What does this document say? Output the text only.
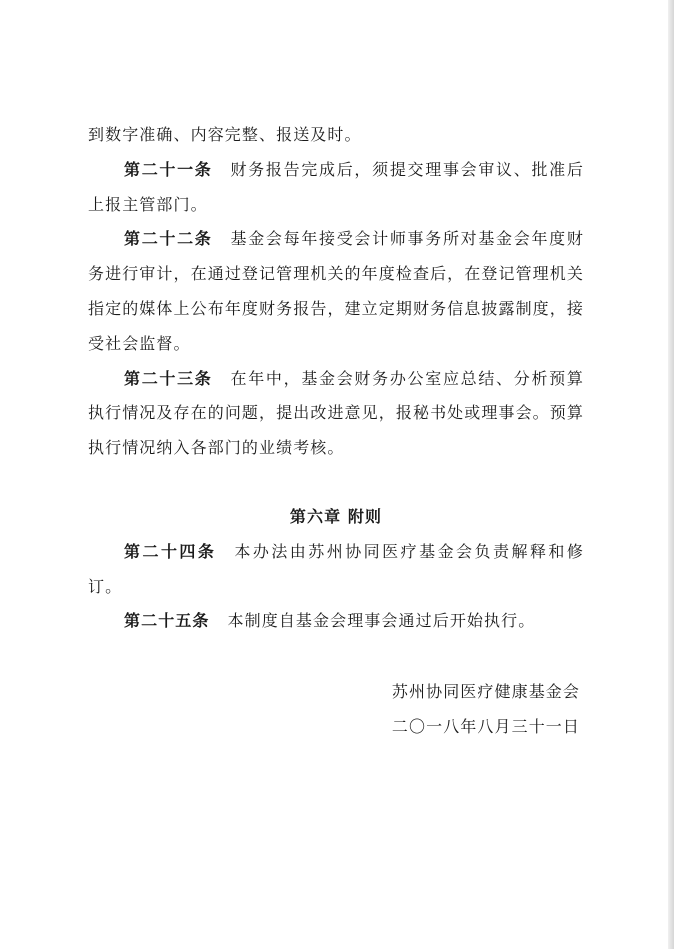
到数字准确、内容完整、报送及时。

第二十一条 财务报告完成后，须提交理事会审议、批准后上报主管部门。

第二十二条 基金会每年接受会计师事务所对基金会年度财务进行审计，在通过登记管理机关的年度检查后，在登记管理机关指定的媒体上公布年度财务报告，建立定期财务信息披露制度，接受社会监督。

第二十三条 在年中，基金会财务办公室应总结、分析预算执行情况及存在的问题，提出改进意见，报秘书处或理事会。预算执行情况纳入各部门的业绩考核。

第六章 附则

第二十四条 本办法由苏州协同医疗基金会负责解释和修订。

第二十五条 本制度自基金会理事会通过后开始执行。

苏州协同医疗健康基金会

二〇一八年八月三十一日
